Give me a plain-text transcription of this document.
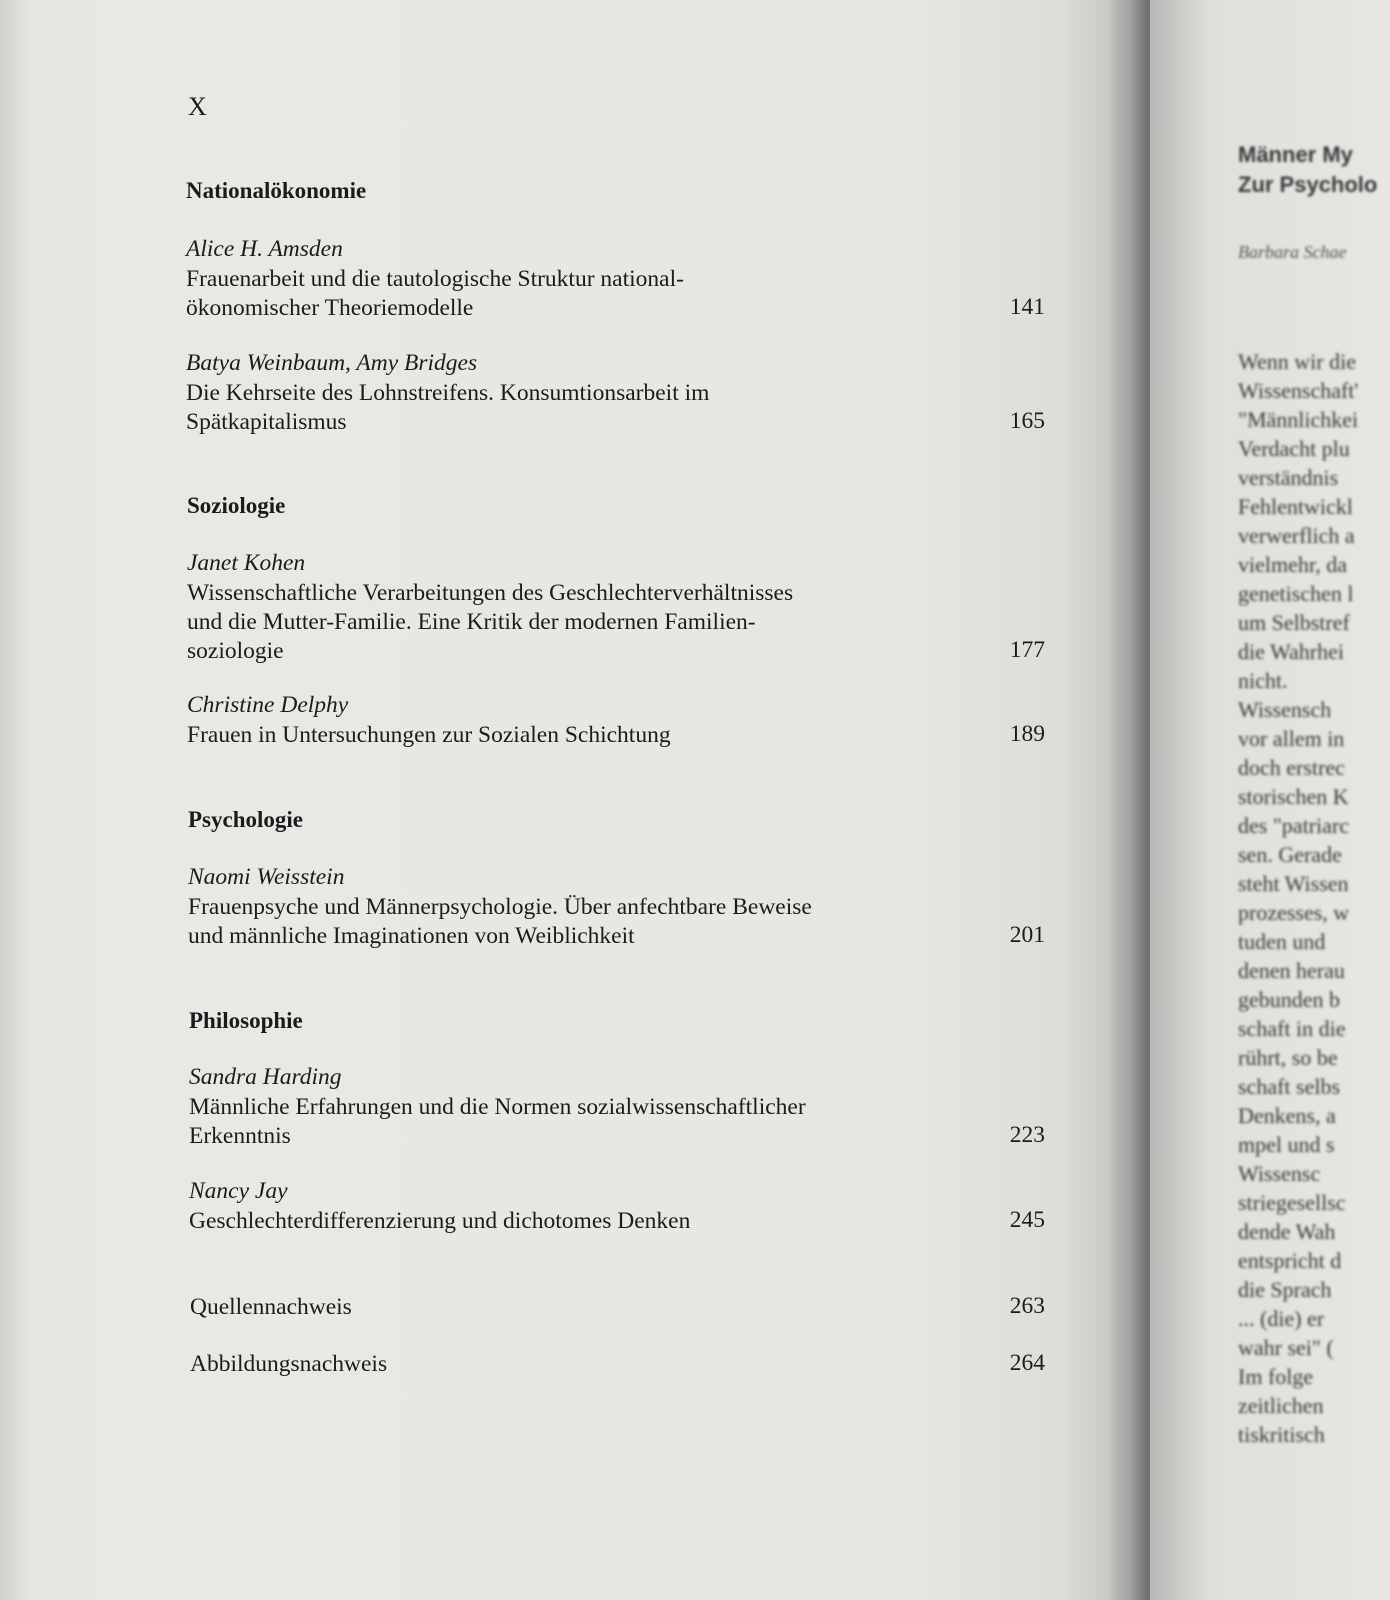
Männer My
Zur Psycholo
Barbara Schae
Wenn wir die
Wissenschaft'
"Männlichkei
Verdacht plu
verständnis
Fehlentwickl
verwerflich a
vielmehr, da
genetischen l
um Selbstref
die Wahrhei
nicht.
Wissensch
vor allem in
doch erstrec
storischen K
des "patriarc
sen. Gerade
steht Wissen
prozesses, w
tuden und
denen herau
gebunden b
schaft in die
rührt, so be
schaft selbs
Denkens, a
mpel und s
Wissensc
striegesellsc
dende Wah
entspricht d
die Sprach
... (die) er
wahr sei" (
Im folge
zeitlichen
tiskritisch
X
Nationalökonomie
Alice H. Amsden
Frauenarbeit und die tautologische Struktur national-
ökonomischer Theoriemodelle	141
Batya Weinbaum, Amy Bridges
Die Kehrseite des Lohnstreifens. Konsumtionsarbeit im
Spätkapitalismus	165
Soziologie
Janet Kohen
Wissenschaftliche Verarbeitungen des Geschlechterverhältnisses
und die Mutter-Familie. Eine Kritik der modernen Familien-
soziologie	177
Christine Delphy
Frauen in Untersuchungen zur Sozialen Schichtung	189
Psychologie
Naomi Weisstein
Frauenpsyche und Männerpsychologie. Über anfechtbare Beweise
und männliche Imaginationen von Weiblichkeit	201
Philosophie
Sandra Harding
Männliche Erfahrungen und die Normen sozialwissenschaftlicher
Erkenntnis	223
Nancy Jay
Geschlechterdifferenzierung und dichotomes Denken	245
Quellennachweis	263
Abbildungsnachweis	264
